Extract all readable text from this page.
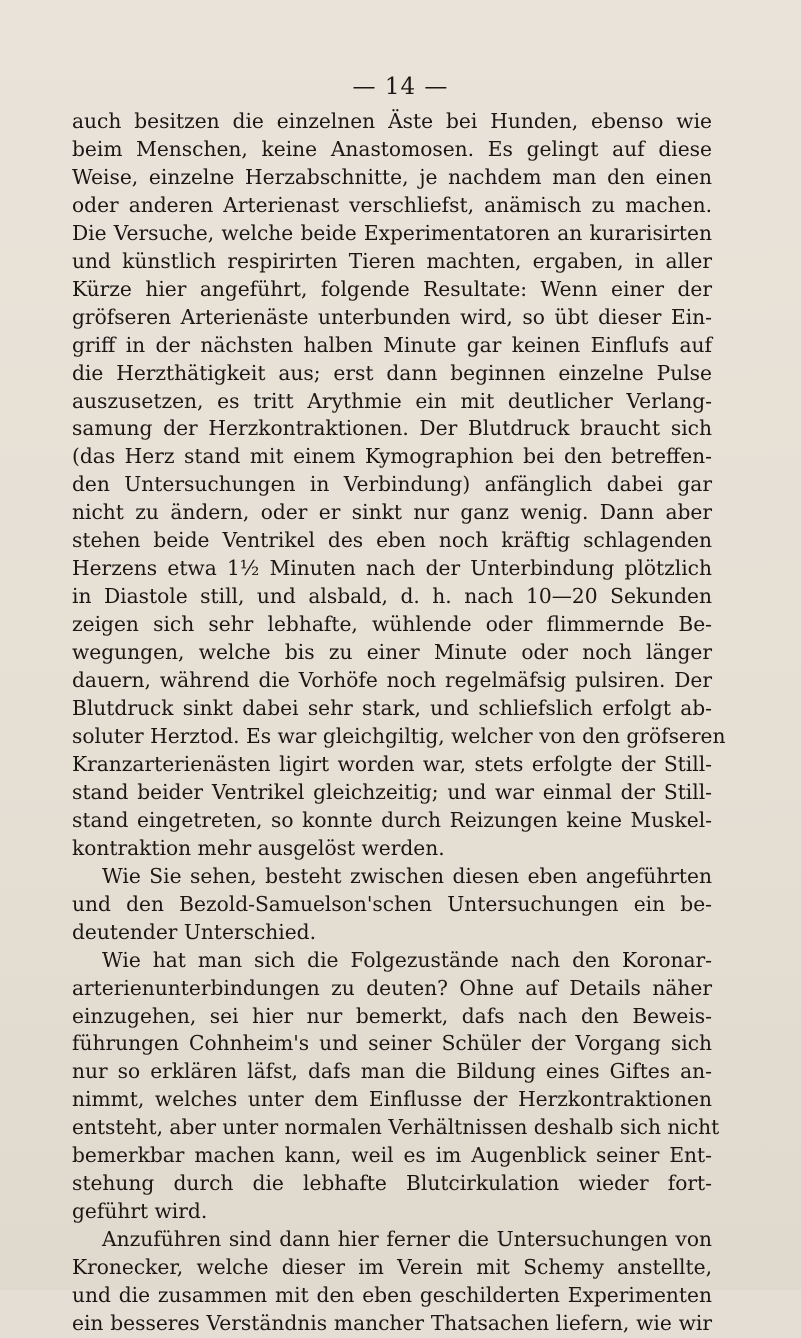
— 14 —
auch besitzen die einzelnen Äste bei Hunden, ebenso wie
beim Menschen, keine Anastomosen. Es gelingt auf diese
Weise, einzelne Herzabschnitte, je nachdem man den einen
oder anderen Arterienast verschliefst, anämisch zu machen.
Die Versuche, welche beide Experimentatoren an kurarisirten
und künstlich respirirten Tieren machten, ergaben, in aller
Kürze hier angeführt, folgende Resultate: Wenn einer der
gröfseren Arterienäste unterbunden wird, so übt dieser Ein-
griff in der nächsten halben Minute gar keinen Einflufs auf
die Herzthätigkeit aus; erst dann beginnen einzelne Pulse
auszusetzen, es tritt Arythmie ein mit deutlicher Verlang-
samung der Herzkontraktionen. Der Blutdruck braucht sich
(das Herz stand mit einem Kymographion bei den betreffen-
den Untersuchungen in Verbindung) anfänglich dabei gar
nicht zu ändern, oder er sinkt nur ganz wenig. Dann aber
stehen beide Ventrikel des eben noch kräftig schlagenden
Herzens etwa 1½ Minuten nach der Unterbindung plötzlich
in Diastole still, und alsbald, d. h. nach 10—20 Sekunden
zeigen sich sehr lebhafte, wühlende oder flimmernde Be-
wegungen, welche bis zu einer Minute oder noch länger
dauern, während die Vorhöfe noch regelmäfsig pulsiren. Der
Blutdruck sinkt dabei sehr stark, und schliefslich erfolgt ab-
soluter Herztod. Es war gleichgiltig, welcher von den gröfseren
Kranzarterienästen ligirt worden war, stets erfolgte der Still-
stand beider Ventrikel gleichzeitig; und war einmal der Still-
stand eingetreten, so konnte durch Reizungen keine Muskel-
kontraktion mehr ausgelöst werden.
Wie Sie sehen, besteht zwischen diesen eben angeführten
und den Bezold-Samuelson'schen Untersuchungen ein be-
deutender Unterschied.
Wie hat man sich die Folgezustände nach den Koronar-
arterienunterbindungen zu deuten? Ohne auf Details näher
einzugehen, sei hier nur bemerkt, dafs nach den Beweis-
führungen Cohnheim's und seiner Schüler der Vorgang sich
nur so erklären läfst, dafs man die Bildung eines Giftes an-
nimmt, welches unter dem Einflusse der Herzkontraktionen
entsteht, aber unter normalen Verhältnissen deshalb sich nicht
bemerkbar machen kann, weil es im Augenblick seiner Ent-
stehung durch die lebhafte Blutcirkulation wieder fort-
geführt wird.
Anzuführen sind dann hier ferner die Untersuchungen von
Kronecker, welche dieser im Verein mit Schemy anstellte,
und die zusammen mit den eben geschilderten Experimenten
ein besseres Verständnis mancher Thatsachen liefern, wie wir
